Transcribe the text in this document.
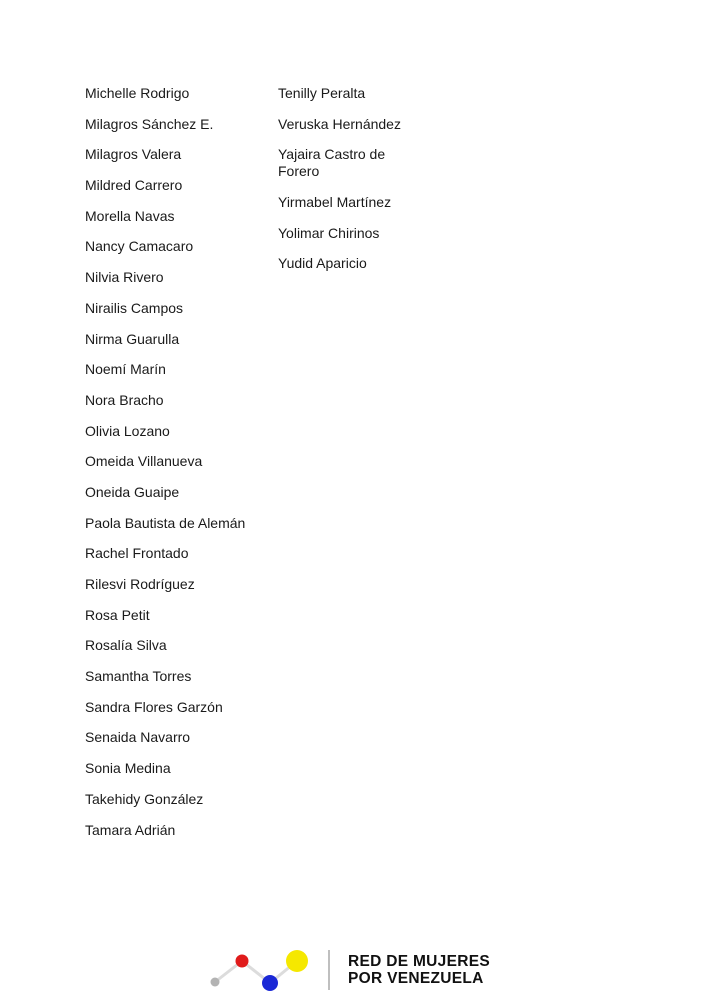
Michelle Rodrigo
Milagros Sánchez E.
Milagros Valera
Mildred Carrero
Morella Navas
Nancy Camacaro
Nilvia Rivero
Nirailis Campos
Nirma Guarulla
Noemí Marín
Nora Bracho
Olivia Lozano
Omeida Villanueva
Oneida Guaipe
Paola Bautista de Alemán
Rachel Frontado
Rilesvi Rodríguez
Rosa Petit
Rosalía Silva
Samantha Torres
Sandra Flores Garzón
Senaida Navarro
Sonia Medina
Takehidy González
Tamara Adrián
Tenilly Peralta
Veruska Hernández
Yajaira Castro de Forero
Yirmabel Martínez
Yolimar Chirinos
Yudid Aparicio
RED DE MUJERES
POR VENEZUELA
